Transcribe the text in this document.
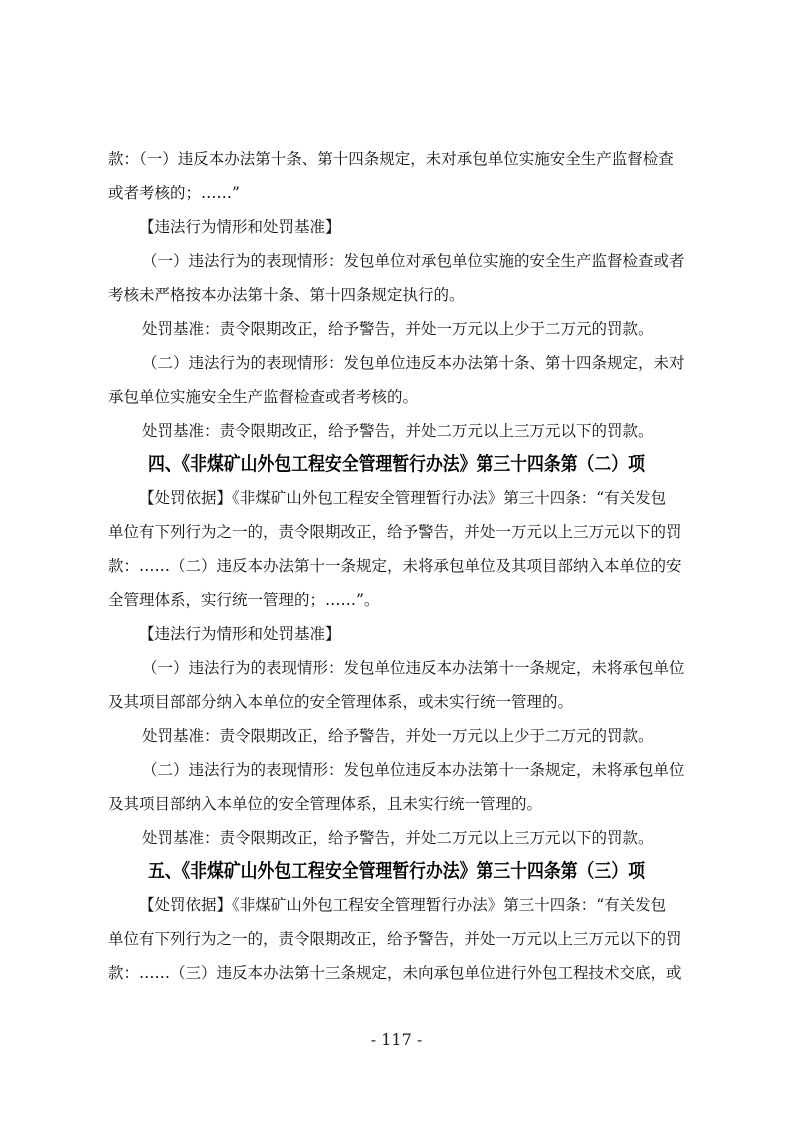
款：（一）违反本办法第十条、第十四条规定，未对承包单位实施安全生产监督检查
或者考核的；……”
【违法行为情形和处罚基准】
（一）违法行为的表现情形：发包单位对承包单位实施的安全生产监督检查或者
考核未严格按本办法第十条、第十四条规定执行的。
处罚基准：责令限期改正，给予警告，并处一万元以上少于二万元的罚款。
（二）违法行为的表现情形：发包单位违反本办法第十条、第十四条规定，未对
承包单位实施安全生产监督检查或者考核的。
处罚基准：责令限期改正，给予警告，并处二万元以上三万元以下的罚款。
四、《非煤矿山外包工程安全管理暂行办法》第三十四条第（二）项
【处罚依据】《非煤矿山外包工程安全管理暂行办法》第三十四条：“有关发包
单位有下列行为之一的，责令限期改正，给予警告，并处一万元以上三万元以下的罚
款：……（二）违反本办法第十一条规定，未将承包单位及其项目部纳入本单位的安
全管理体系，实行统一管理的；……”。
【违法行为情形和处罚基准】
（一）违法行为的表现情形：发包单位违反本办法第十一条规定，未将承包单位
及其项目部部分纳入本单位的安全管理体系，或未实行统一管理的。
处罚基准：责令限期改正，给予警告，并处一万元以上少于二万元的罚款。
（二）违法行为的表现情形：发包单位违反本办法第十一条规定，未将承包单位
及其项目部纳入本单位的安全管理体系，且未实行统一管理的。
处罚基准：责令限期改正，给予警告，并处二万元以上三万元以下的罚款。
五、《非煤矿山外包工程安全管理暂行办法》第三十四条第（三）项
【处罚依据】《非煤矿山外包工程安全管理暂行办法》第三十四条：“有关发包
单位有下列行为之一的，责令限期改正，给予警告，并处一万元以上三万元以下的罚
款：……（三）违反本办法第十三条规定，未向承包单位进行外包工程技术交底，或
- 117 -
